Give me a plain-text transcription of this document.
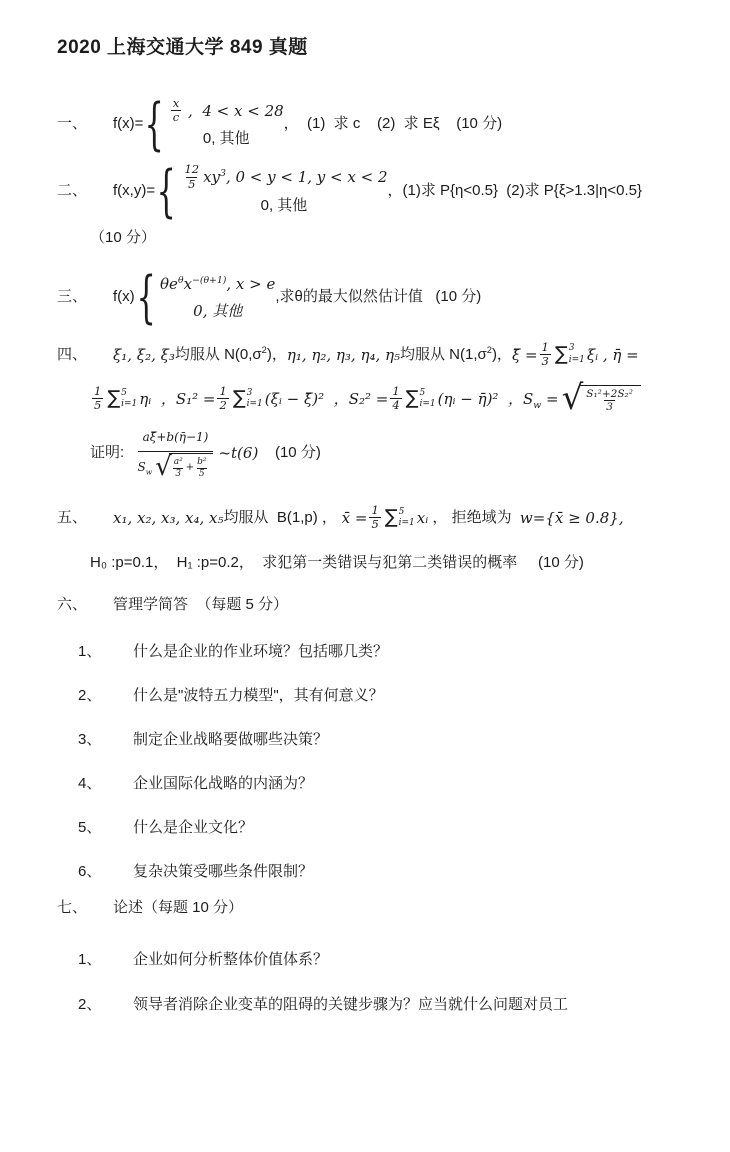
2020 上海交通大学 849 真题
一、	f(x)= { $\frac{x}{c}$ ,  4 < x < 28
0, 其他
，  (1)  求 c    (2)  求 Eξ    (10 分)
二、	f(x,y)= { $\frac{12}{5} xy^3$, 0 < y < 1, y < x < 2
0, 其他
，(1)求 P{η<0.5}  (2)求 P{ξ>1.3|η<0.5}
（10 分）
三、	f(x) { $\theta e^\theta x^{-(\theta+1)}$, x > e
0, 其他
,求θ的最大似然估计值   (10 分)
四、	ξ₁, ξ₂, ξ₃ 均服从 $N(0,\sigma^2)$， η₁, η₂, η₃, η₄, η₅ 均服从 $N(1,\sigma^2)$， ξ̄ = $\frac{1}{3}$ ∑ 3
i=1 ξᵢ , η̄ =
$\frac{1}{5}$ ∑ 5
i=1 ηᵢ  ， $S_1^2 = \frac{1}{2}$ ∑ 3
i=1 (ξᵢ − ξ̄)²  ， $S_2^2 = \frac{1}{4}$ ∑ 5
i=1 (ηᵢ − η̄)²  ， $S_w$ = √ $\frac{\text{S₁²+2S₂²}}{3}$
证明:
aξ̄+b(η̄−1)
$S_w$ √ $\frac{\text{a²}}{3} + \frac{\text{b²}}{5}$
~t(6) (10 分)
五、	x₁, x₂, x₃, x₄, x₅ 均服从  B(1,p) ， x̄ = $\frac{1}{5}$ ∑ 5
i=1 xᵢ ， 拒绝域为 w={x̄ ≥ 0.8},
H₀ :p=0.1，  H₁ :p=0.2，  求犯第一类错误与犯第二类错误的概率     (10 分)
六、	管理学简答  （每题 5 分）
1、	什么是企业的作业环境？包括哪几类？
2、	什么是"波特五力模型"，其有何意义？
3、	制定企业战略要做哪些决策？
4、	企业国际化战略的内涵为？
5、	什么是企业文化？
6、	复杂决策受哪些条件限制？
七、	论述（每题 10 分）
1、	企业如何分析整体价值体系？
2、	领导者消除企业变革的阻碍的关键步骤为？应当就什么问题对员工
